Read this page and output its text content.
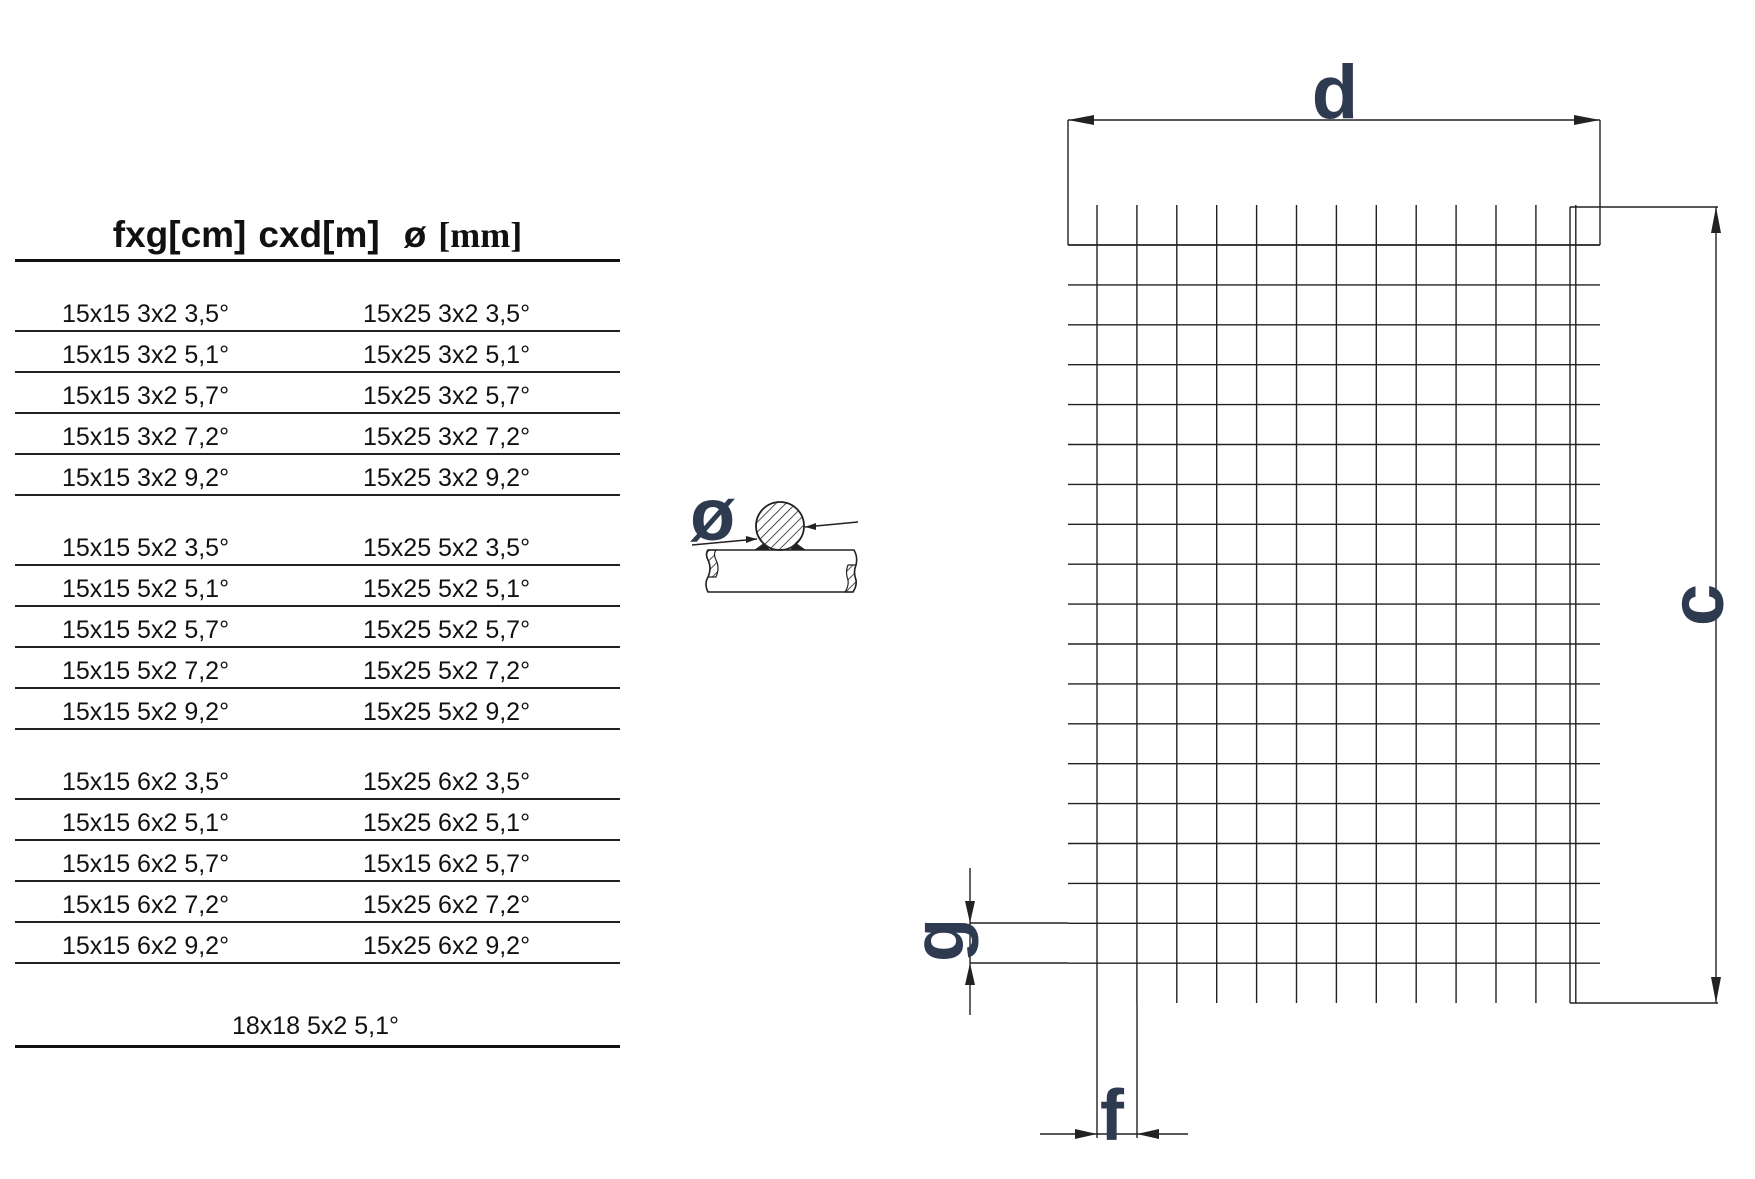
fxg[cm] cxd[m] ø [mm]
15x15 3x2 3,5°	15x25 3x2 3,5°
15x15 3x2 5,1°	15x25 3x2 5,1°
15x15 3x2 5,7°	15x25 3x2 5,7°
15x15 3x2 7,2°	15x25 3x2 7,2°
15x15 3x2 9,2°	15x25 3x2 9,2°
15x15 5x2 3,5°	15x25 5x2 3,5°
15x15 5x2 5,1°	15x25 5x2 5,1°
15x15 5x2 5,7°	15x25 5x2 5,7°
15x15 5x2 7,2°	15x25 5x2 7,2°
15x15 5x2 9,2°	15x25 5x2 9,2°
15x15 6x2 3,5°	15x25 6x2 3,5°
15x15 6x2 5,1°	15x25 6x2 5,1°
15x15 6x2 5,7°	15x15 6x2 5,7°
15x15 6x2 7,2°	15x25 6x2 7,2°
15x15 6x2 9,2°	15x25 6x2 9,2°
18x18 5x2 5,1°
ø
d
f
c
g
